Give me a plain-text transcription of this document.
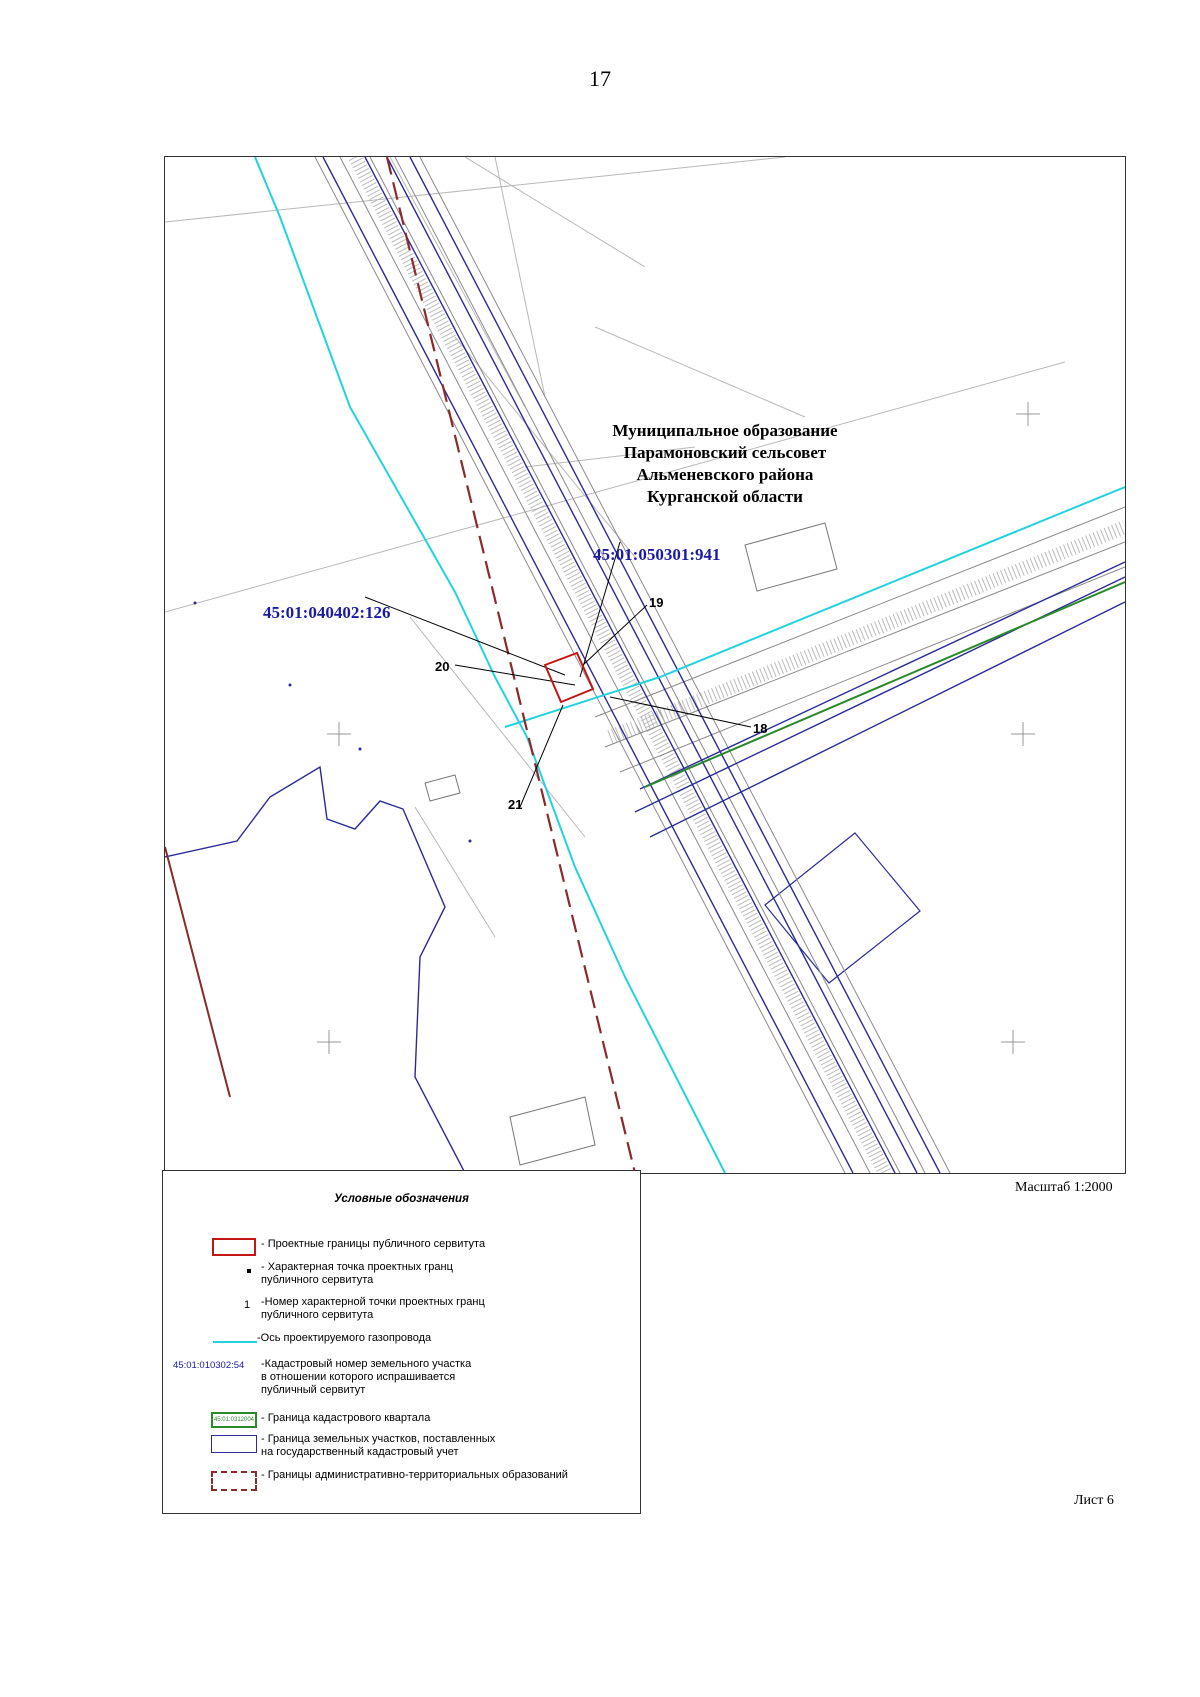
17
Муниципальное образование
Парамоновский сельсовет
Альменевского района
Курганской области
45:01:050301:941
45:01:040402:126
18
19
20
21
Масштаб 1:2000
Условные обозначения
- Проектные границы публичного сервитута
- Характерная точка проектных гранц
публичного сервитута
1 -Номер характерной точки проектных гранц
публичного сервитута
-Ось проектируемого газопровода
45:01:010302:54 -Кадастровый номер земельного участка
в отношении которого испрашивается
публичный сервитут
45:01:0312004 - Граница кадастрового квартала
- Граница земельных участков, поставленных
на государственный кадастровый учет
- Границы административно-территориальных образований
Лист 6
